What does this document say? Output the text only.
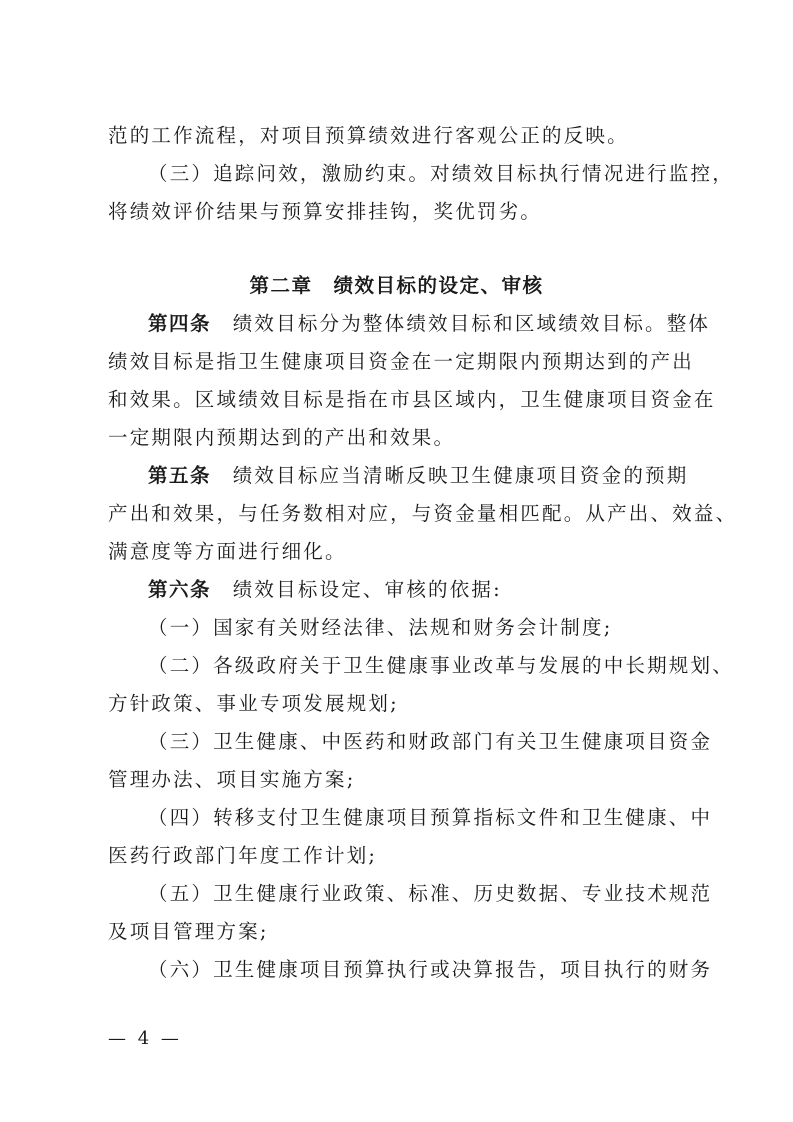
范的工作流程，对项目预算绩效进行客观公正的反映。
（三）追踪问效，激励约束。对绩效目标执行情况进行监控，
将绩效评价结果与预算安排挂钩，奖优罚劣。
第二章　绩效目标的设定、审核
第四条　 绩效目标分为整体绩效目标和区域绩效目标。整体
绩效目标是指卫生健康项目资金在一定期限内预期达到的产出
和效果。区域绩效目标是指在市县区域内，卫生健康项目资金在
一定期限内预期达到的产出和效果。
第五条　 绩效目标应当清晰反映卫生健康项目资金的预期
产出和效果，与任务数相对应，与资金量相匹配。从产出、效益、
满意度等方面进行细化。
第六条　 绩效目标设定、审核的依据:
（一）国家有关财经法律、法规和财务会计制度;
（二）各级政府关于卫生健康事业改革与发展的中长期规划、
方针政策、事业专项发展规划;
（三）卫生健康、中医药和财政部门有关卫生健康项目资金
管理办法、项目实施方案;
（四）转移支付卫生健康项目预算指标文件和卫生健康、中
医药行政部门年度工作计划;
（五）卫生健康行业政策、标准、历史数据、专业技术规范
及项目管理方案;
（六）卫生健康项目预算执行或决算报告，项目执行的财务
— 4 —
